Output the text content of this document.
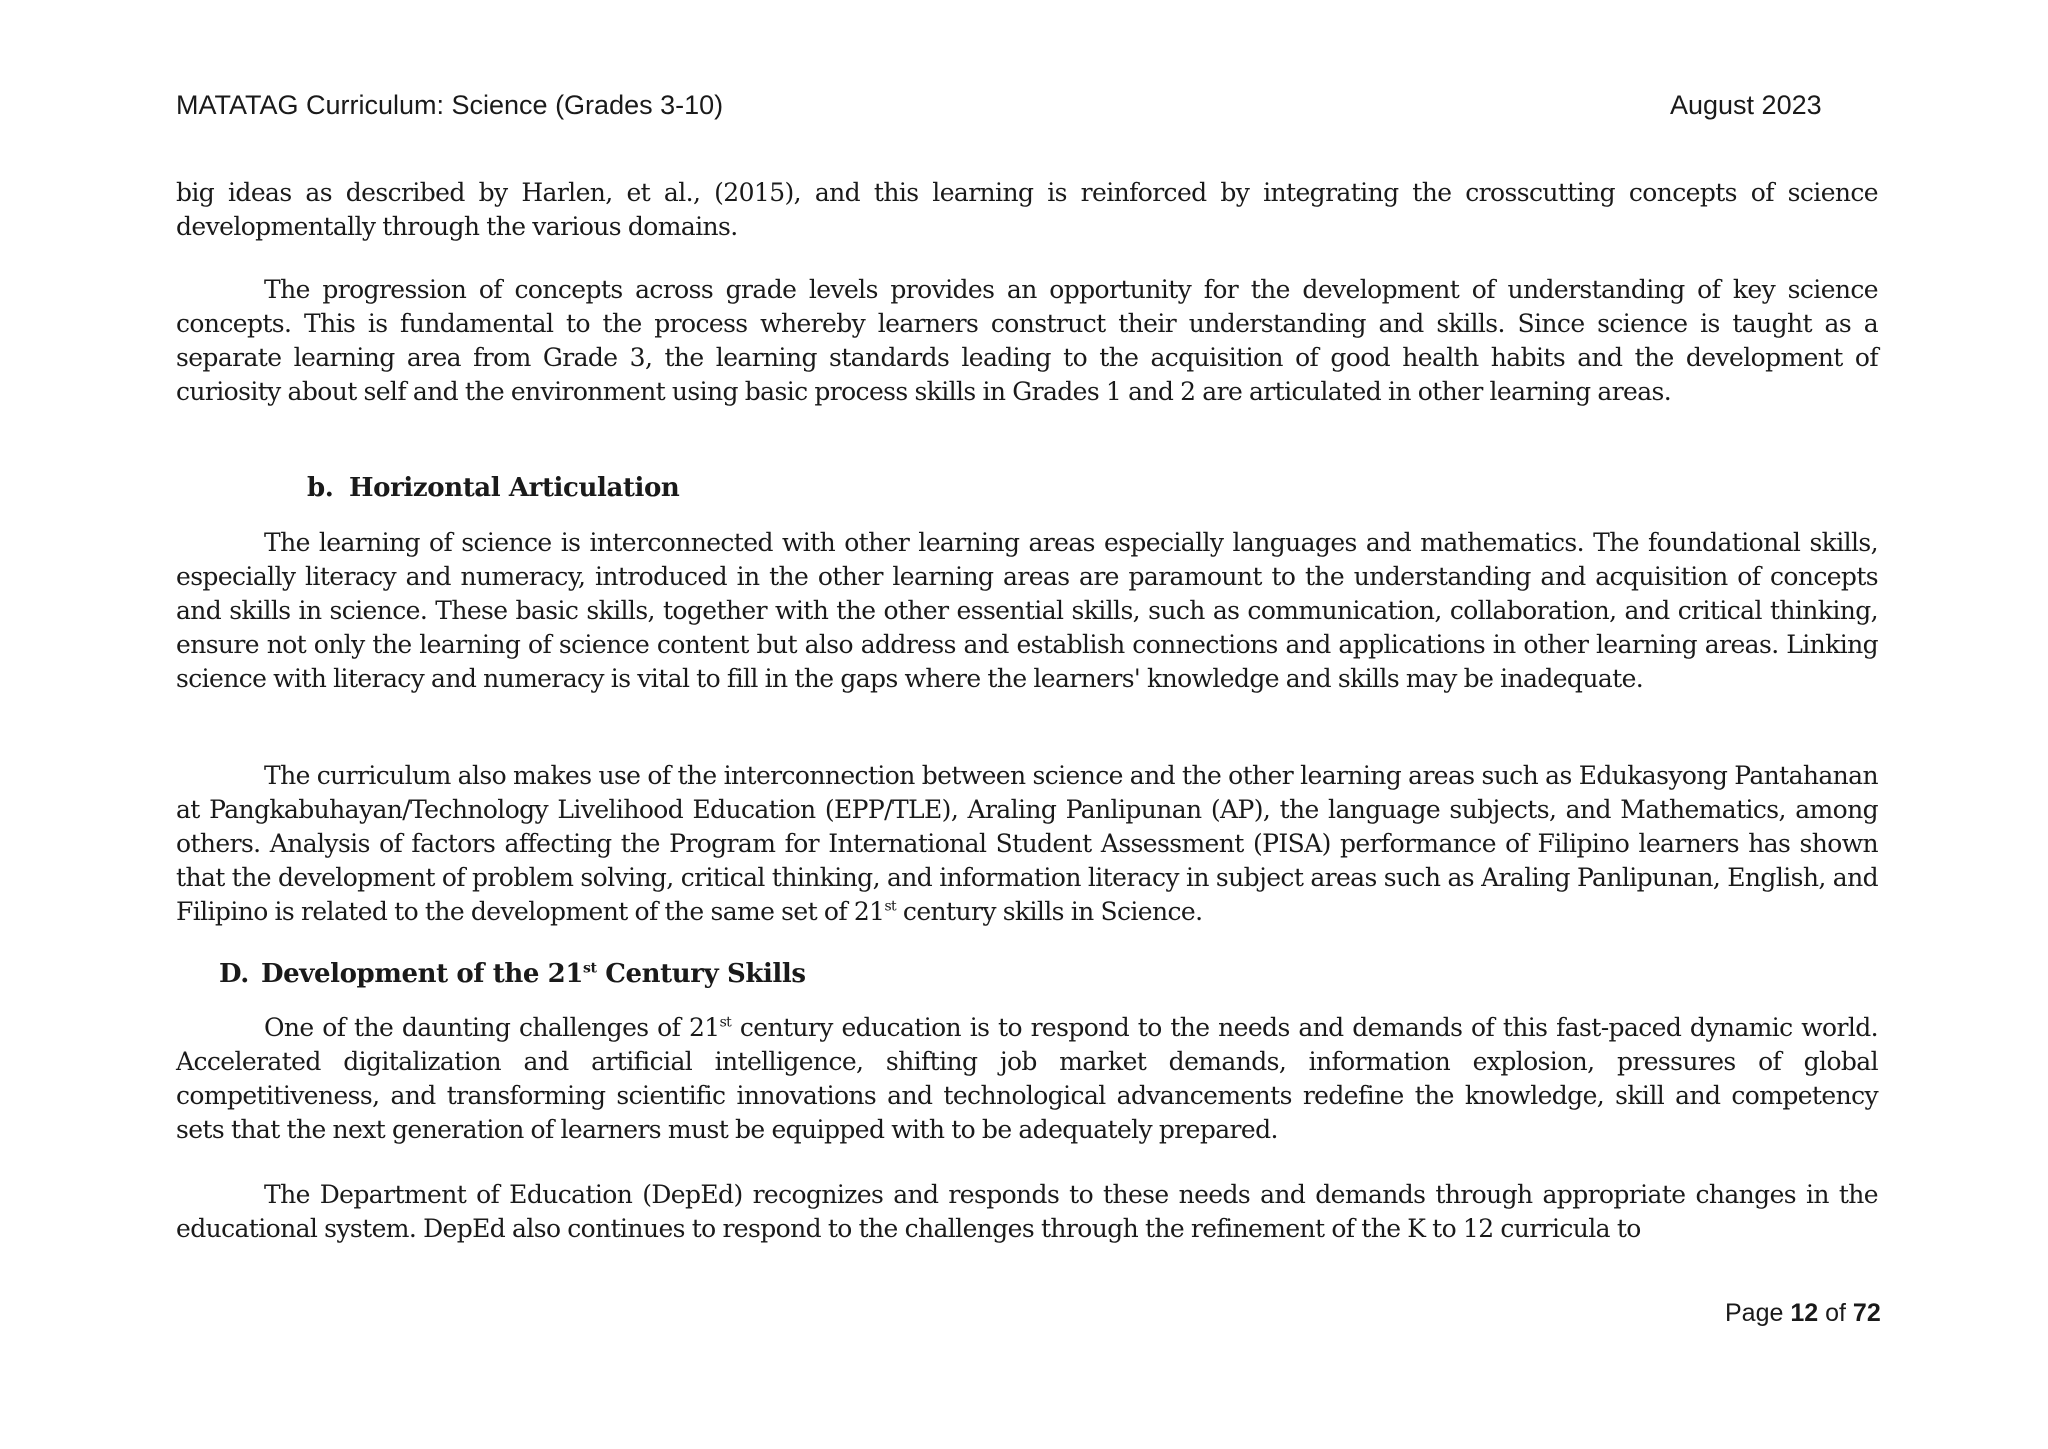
MATATAG Curriculum: Science (Grades 3-10)	August 2023

big ideas as described by Harlen, et al., (2015), and this learning is reinforced by integrating the crosscutting concepts of science developmentally through the various domains.

The progression of concepts across grade levels provides an opportunity for the development of understanding of key science concepts. This is fundamental to the process whereby learners construct their understanding and skills. Since science is taught as a separate learning area from Grade 3, the learning standards leading to the acquisition of good health habits and the development of curiosity about self and the environment using basic process skills in Grades 1 and 2 are articulated in other learning areas.

b. Horizontal Articulation

The learning of science is interconnected with other learning areas especially languages and mathematics. The foundational skills, especially literacy and numeracy, introduced in the other learning areas are paramount to the understanding and acquisition of concepts and skills in science. These basic skills, together with the other essential skills, such as communication, collaboration, and critical thinking, ensure not only the learning of science content but also address and establish connections and applications in other learning areas. Linking science with literacy and numeracy is vital to fill in the gaps where the learners' knowledge and skills may be inadequate.

The curriculum also makes use of the interconnection between science and the other learning areas such as Edukasyong Pantahanan at Pangkabuhayan/Technology Livelihood Education (EPP/TLE), Araling Panlipunan (AP), the language subjects, and Mathematics, among others. Analysis of factors affecting the Program for International Student Assessment (PISA) performance of Filipino learners has shown that the development of problem solving, critical thinking, and information literacy in subject areas such as Araling Panlipunan, English, and Filipino is related to the development of the same set of 21st century skills in Science.

D. Development of the 21st Century Skills

One of the daunting challenges of 21st century education is to respond to the needs and demands of this fast-paced dynamic world. Accelerated digitalization and artificial intelligence, shifting job market demands, information explosion, pressures of global competitiveness, and transforming scientific innovations and technological advancements redefine the knowledge, skill and competency sets that the next generation of learners must be equipped with to be adequately prepared.

The Department of Education (DepEd) recognizes and responds to these needs and demands through appropriate changes in the educational system. DepEd also continues to respond to the challenges through the refinement of the K to 12 curricula to

Page 12 of 72
